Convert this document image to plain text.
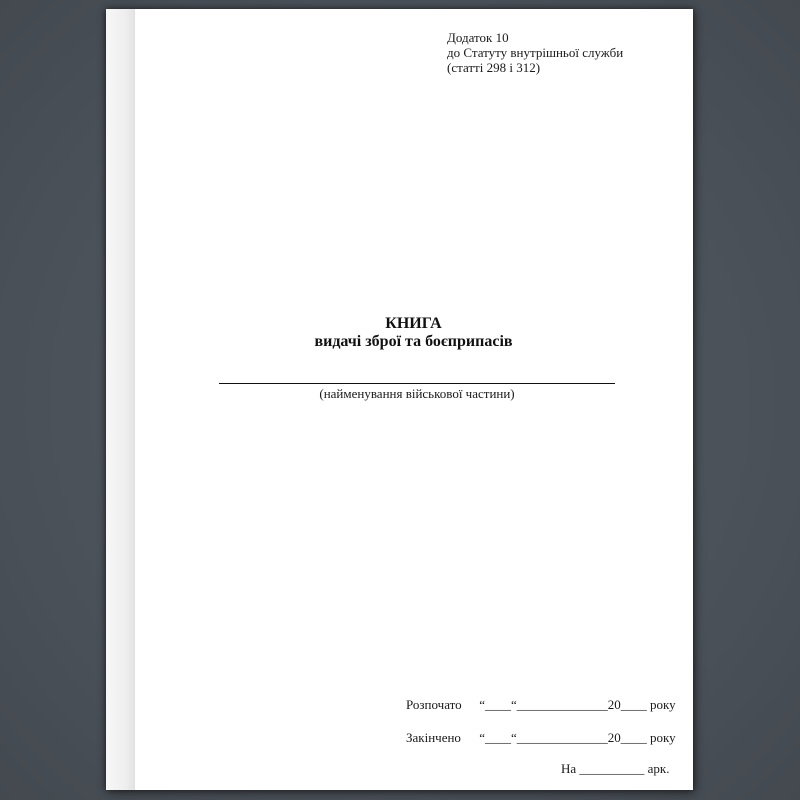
Додаток 10
до Статуту внутрішньої служби
(статті 298 і 312)
КНИГА
видачі зброї та боєприпасів
(найменування військової частини)
Розпочато “____“______________20____ року
Закінчено “____“______________20____ року
На __________ арк.
